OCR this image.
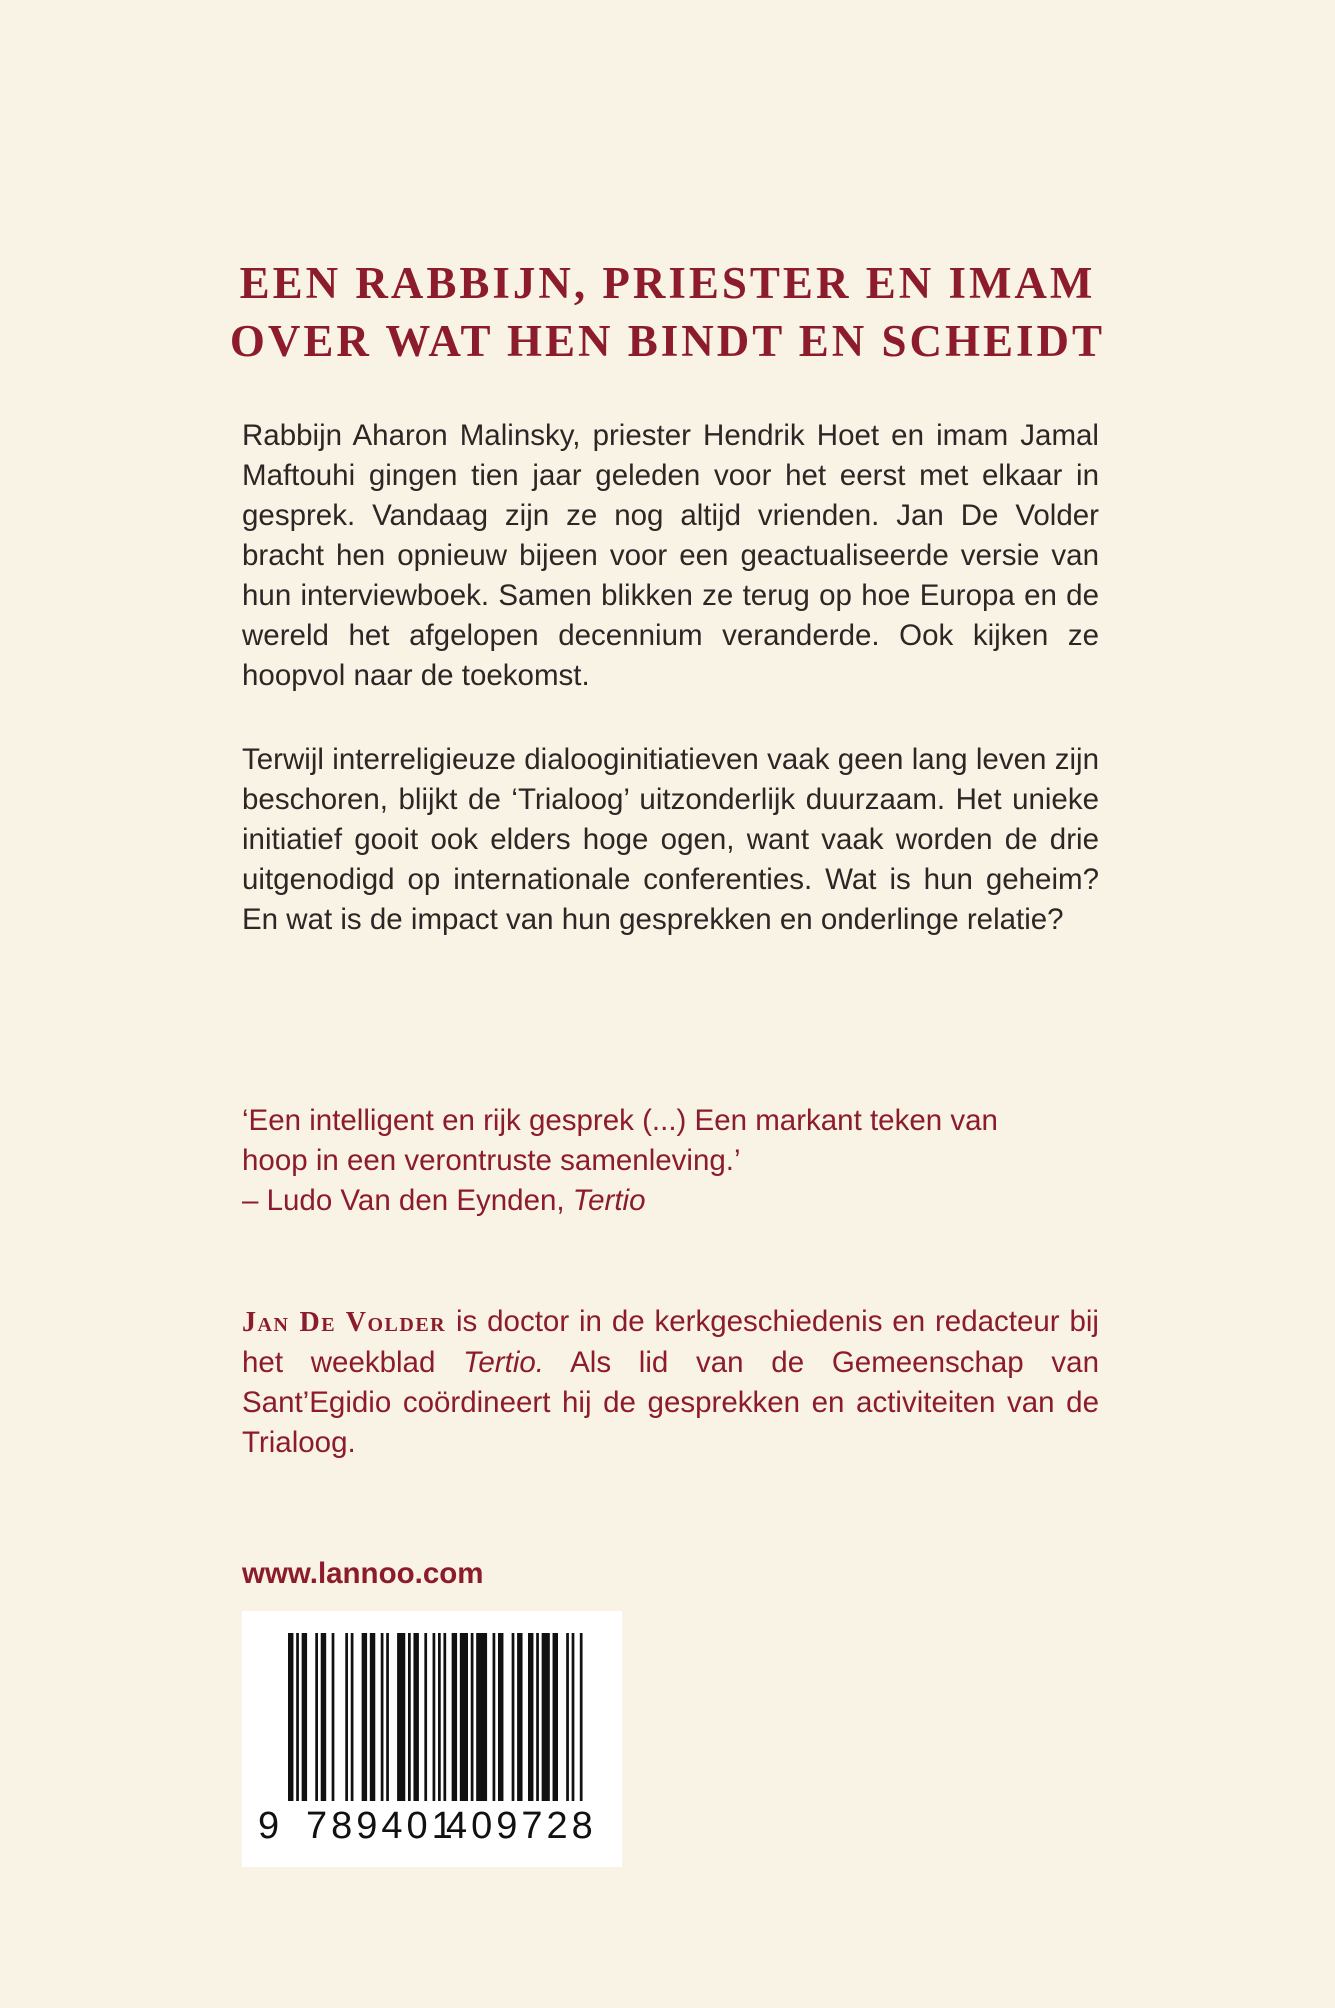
EEN RABBIJN, PRIESTER EN IMAM
OVER WAT HEN BINDT EN SCHEIDT

Rabbijn Aharon Malinsky, priester Hendrik Hoet en imam Jamal Maftouhi gingen tien jaar geleden voor het eerst met elkaar in gesprek. Vandaag zijn ze nog altijd vrienden. Jan De Volder bracht hen opnieuw bijeen voor een geactualiseerde versie van hun interviewboek. Samen blikken ze terug op hoe Europa en de wereld het afgelopen decennium veranderde. Ook kijken ze hoopvol naar de toekomst.

Terwijl interreligieuze dialooginitiatieven vaak geen lang leven zijn beschoren, blijkt de ‘Trialoog’ uitzonderlijk duurzaam. Het unieke initiatief gooit ook elders hoge ogen, want vaak worden de drie uitgenodigd op internationale conferenties. Wat is hun geheim? En wat is de impact van hun gesprekken en onderlinge relatie?

‘Een intelligent en rijk gesprek (...) Een markant teken van
hoop in een verontruste samenleving.’
– Ludo Van den Eynden, Tertio

Jan De Volder is doctor in de kerkgeschiedenis en redacteur bij het weekblad Tertio. Als lid van de Gemeenschap van Sant’Egidio coördineert hij de gesprekken en activiteiten van de Trialoog.

www.lannoo.com

9 789401
409728
